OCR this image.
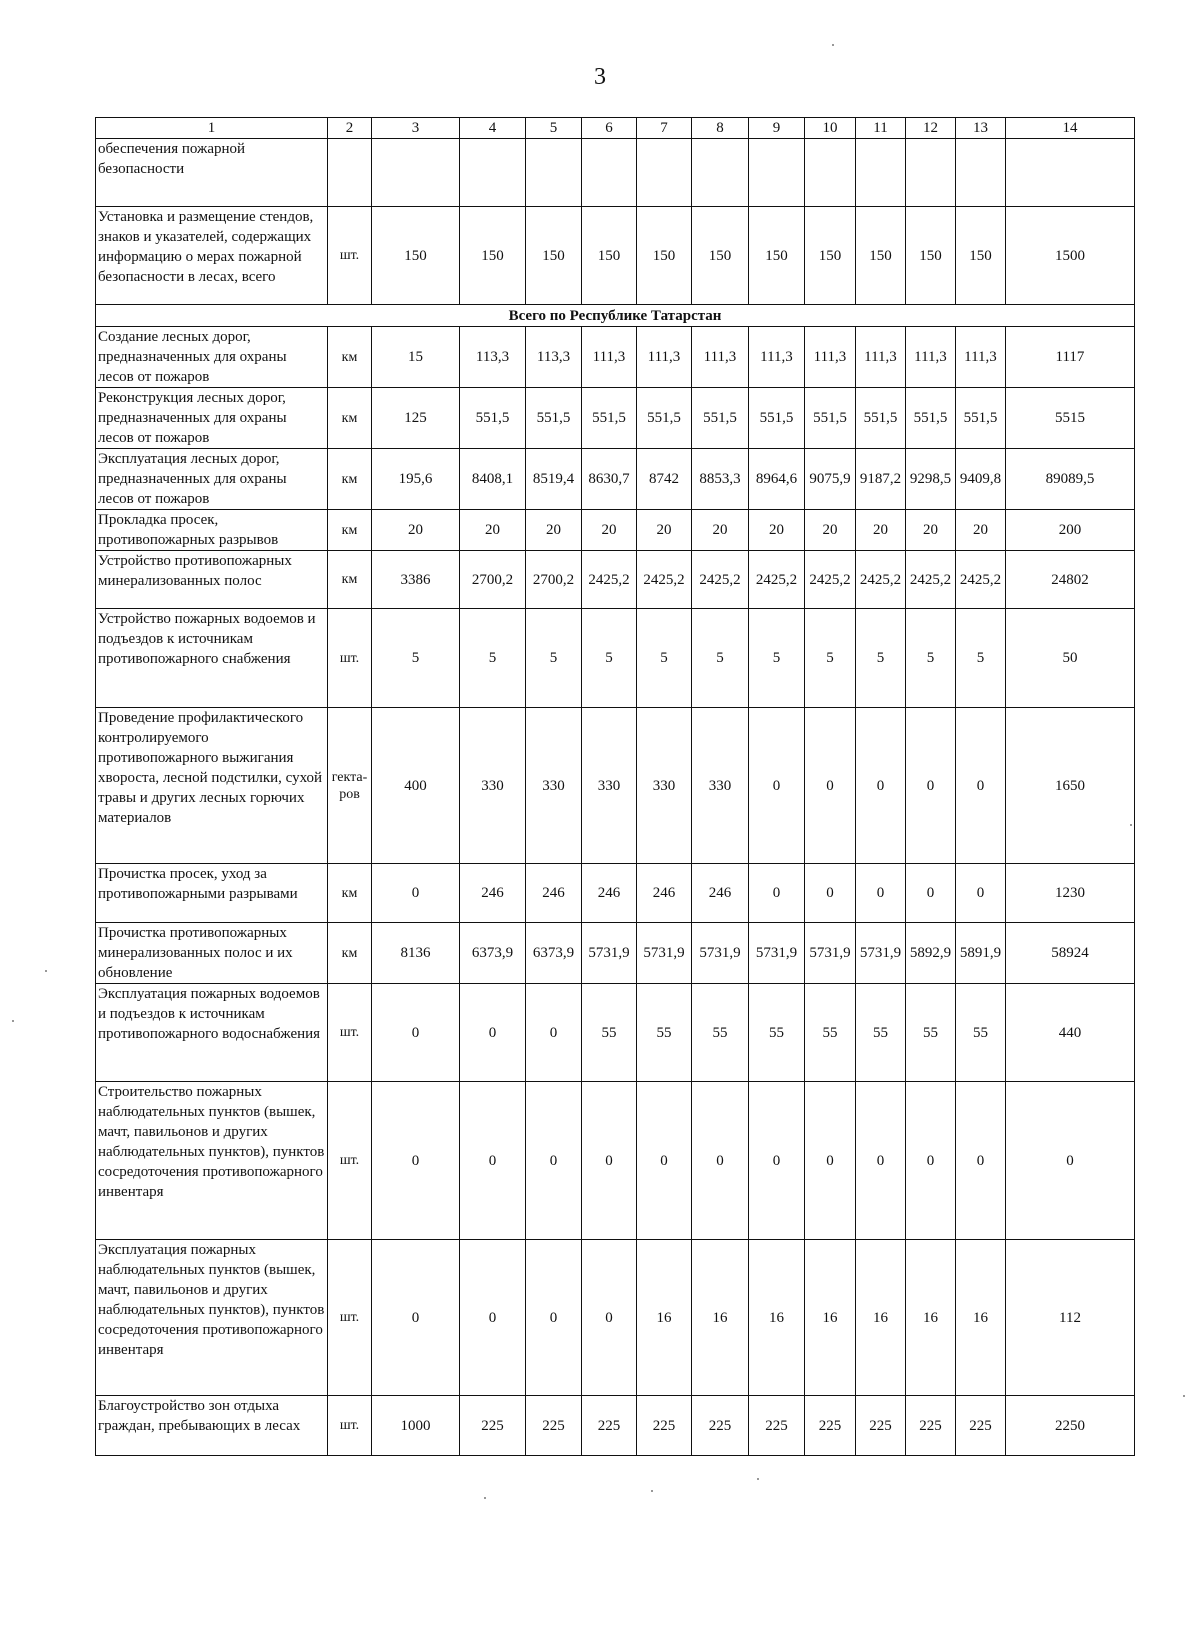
3
1	2	3	4	5	6	7	8	9	10	11	12	13	14
обеспечения пожарной безопасности													
Установка и размещение стендов, знаков и указателей, содержащих информацию о мерах пожарной безопасности в лесах, всего	шт.	150	150	150	150	150	150	150	150	150	150	150	1500
Всего по Республике Татарстан													
Создание лесных дорог, предназначенных для охраны лесов от пожаров	км	15	113,3	113,3	111,3	111,3	111,3	111,3	111,3	111,3	111,3	111,3	1117
Реконструкция лесных дорог, предназначенных для охраны лесов от пожаров	км	125	551,5	551,5	551,5	551,5	551,5	551,5	551,5	551,5	551,5	551,5	5515
Эксплуатация лесных дорог, предназначенных для охраны лесов от пожаров	км	195,6	8408,1	8519,4	8630,7	8742	8853,3	8964,6	9075,9	9187,2	9298,5	9409,8	89089,5
Прокладка просек, противопожарных разрывов	км	20	20	20	20	20	20	20	20	20	20	20	200
Устройство противопожарных минерализованных полос	км	3386	2700,2	2700,2	2425,2	2425,2	2425,2	2425,2	2425,2	2425,2	2425,2	2425,2	24802
Устройство пожарных водоемов и подъездов к источникам противопожарного снабжения	шт.	5	5	5	5	5	5	5	5	5	5	5	50
Проведение профилактического контролируемого противопожарного выжигания хвороста, лесной подстилки, сухой травы и других лесных горючих материалов	гекта-ров	400	330	330	330	330	330	0	0	0	0	0	1650
Прочистка просек, уход за противопожарными разрывами	км	0	246	246	246	246	246	0	0	0	0	0	1230
Прочистка противопожарных минерализованных полос и их обновление	км	8136	6373,9	6373,9	5731,9	5731,9	5731,9	5731,9	5731,9	5731,9	5892,9	5891,9	58924
Эксплуатация пожарных водоемов и подъездов к источникам противопожарного водоснабжения	шт.	0	0	0	55	55	55	55	55	55	55	55	440
Строительство пожарных наблюдательных пунктов (вышек, мачт, павильонов и других наблюдательных пунктов), пунктов сосредоточения противопожарного инвентаря	шт.	0	0	0	0	0	0	0	0	0	0	0	0
Эксплуатация пожарных наблюдательных пунктов (вышек, мачт, павильонов и других наблюдательных пунктов), пунктов сосредоточения противопожарного инвентаря	шт.	0	0	0	0	16	16	16	16	16	16	16	112
Благоустройство зон отдыха граждан, пребывающих в лесах	шт.	1000	225	225	225	225	225	225	225	225	225	225	2250
